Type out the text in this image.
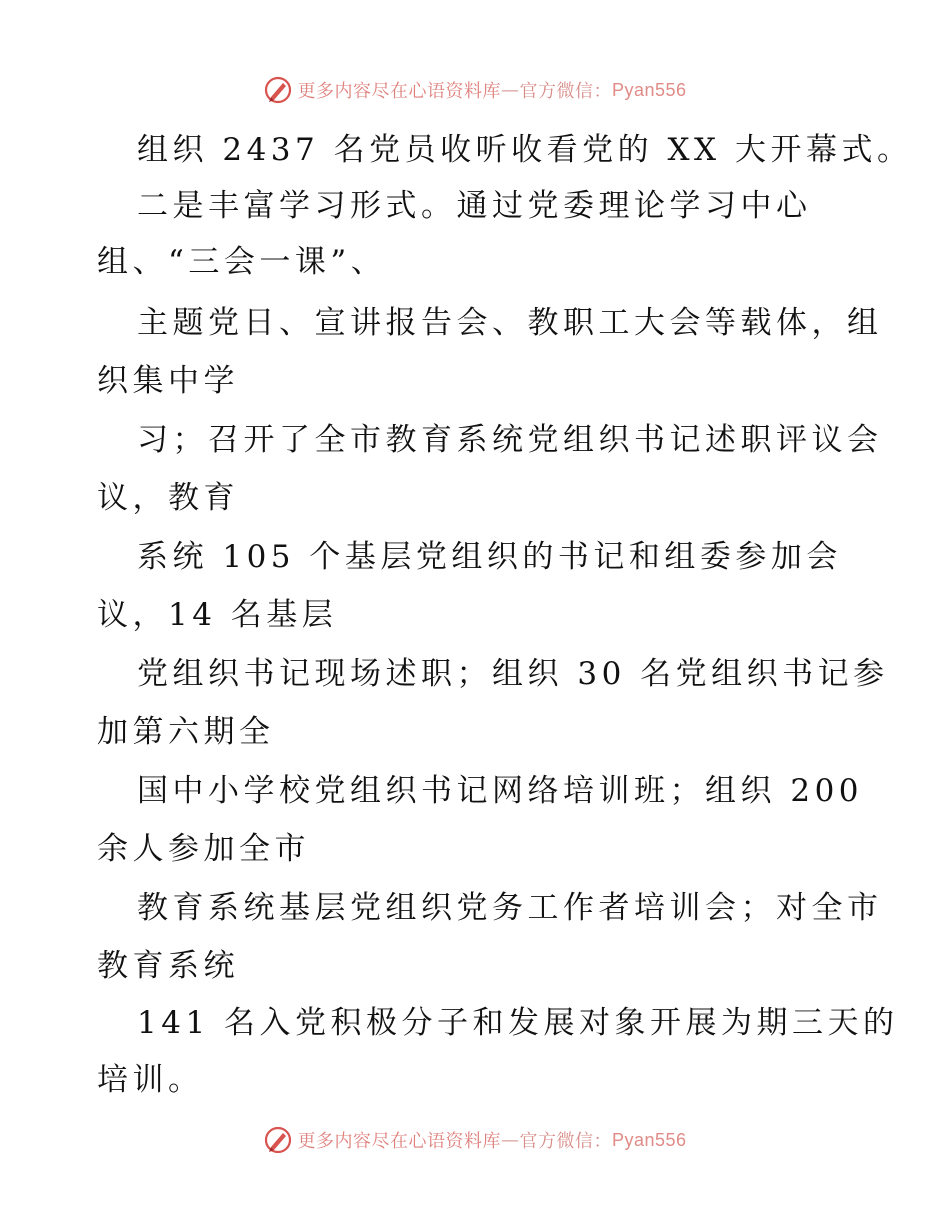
更多内容尽在心语资料库 — 官方微信： Pyan556
组织 2437 名党员收听收看党的 XX 大开幕式。
二是丰富学习形式。通过党委理论学习中心
组、“三会一课”、
主题党日、宣讲报告会、教职工大会等载体，组
织集中学
习；召开了全市教育系统党组织书记述职评议会
议，教育
系统 105 个基层党组织的书记和组委参加会
议，14 名基层
党组织书记现场述职；组织 30 名党组织书记参
加第六期全
国中小学校党组织书记网络培训班；组织 200
余人参加全市
教育系统基层党组织党务工作者培训会；对全市
教育系统
141 名入党积极分子和发展对象开展为期三天的
培训。
更多内容尽在心语资料库 — 官方微信： Pyan556
